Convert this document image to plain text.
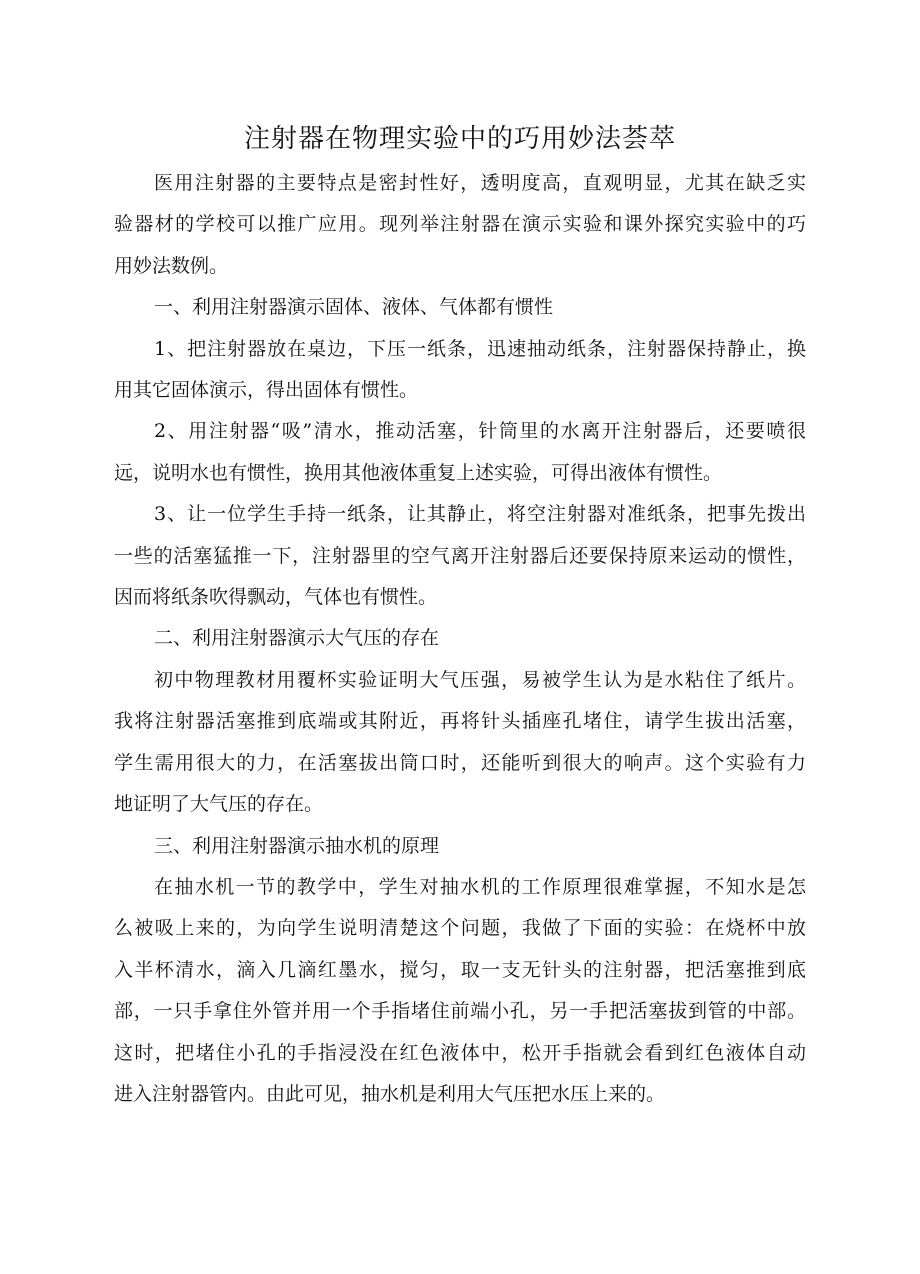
注射器在物理实验中的巧用妙法荟萃
医用注射器的主要特点是密封性好，透明度高，直观明显，尤其在缺乏实
验器材的学校可以推广应用。现列举注射器在演示实验和课外探究实验中的巧
用妙法数例。
一、利用注射器演示固体、液体、气体都有惯性
1、把注射器放在桌边，下压一纸条，迅速抽动纸条，注射器保持静止，换
用其它固体演示，得出固体有惯性。
2、用注射器“吸”清水，推动活塞，针筒里的水离开注射器后，还要喷很
远，说明水也有惯性，换用其他液体重复上述实验，可得出液体有惯性。
3、让一位学生手持一纸条，让其静止，将空注射器对准纸条，把事先拨出
一些的活塞猛推一下，注射器里的空气离开注射器后还要保持原来运动的惯性，
因而将纸条吹得飘动，气体也有惯性。
二、利用注射器演示大气压的存在
初中物理教材用覆杯实验证明大气压强，易被学生认为是水粘住了纸片。
我将注射器活塞推到底端或其附近，再将针头插座孔堵住，请学生拔出活塞，
学生需用很大的力，在活塞拔出筒口时，还能听到很大的响声。这个实验有力
地证明了大气压的存在。
三、利用注射器演示抽水机的原理
在抽水机一节的教学中，学生对抽水机的工作原理很难掌握，不知水是怎
么被吸上来的，为向学生说明清楚这个问题，我做了下面的实验：在烧杯中放
入半杯清水，滴入几滴红墨水，搅匀，取一支无针头的注射器，把活塞推到底
部，一只手拿住外管并用一个手指堵住前端小孔，另一手把活塞拔到管的中部。
这时，把堵住小孔的手指浸没在红色液体中，松开手指就会看到红色液体自动
进入注射器管内。由此可见，抽水机是利用大气压把水压上来的。
